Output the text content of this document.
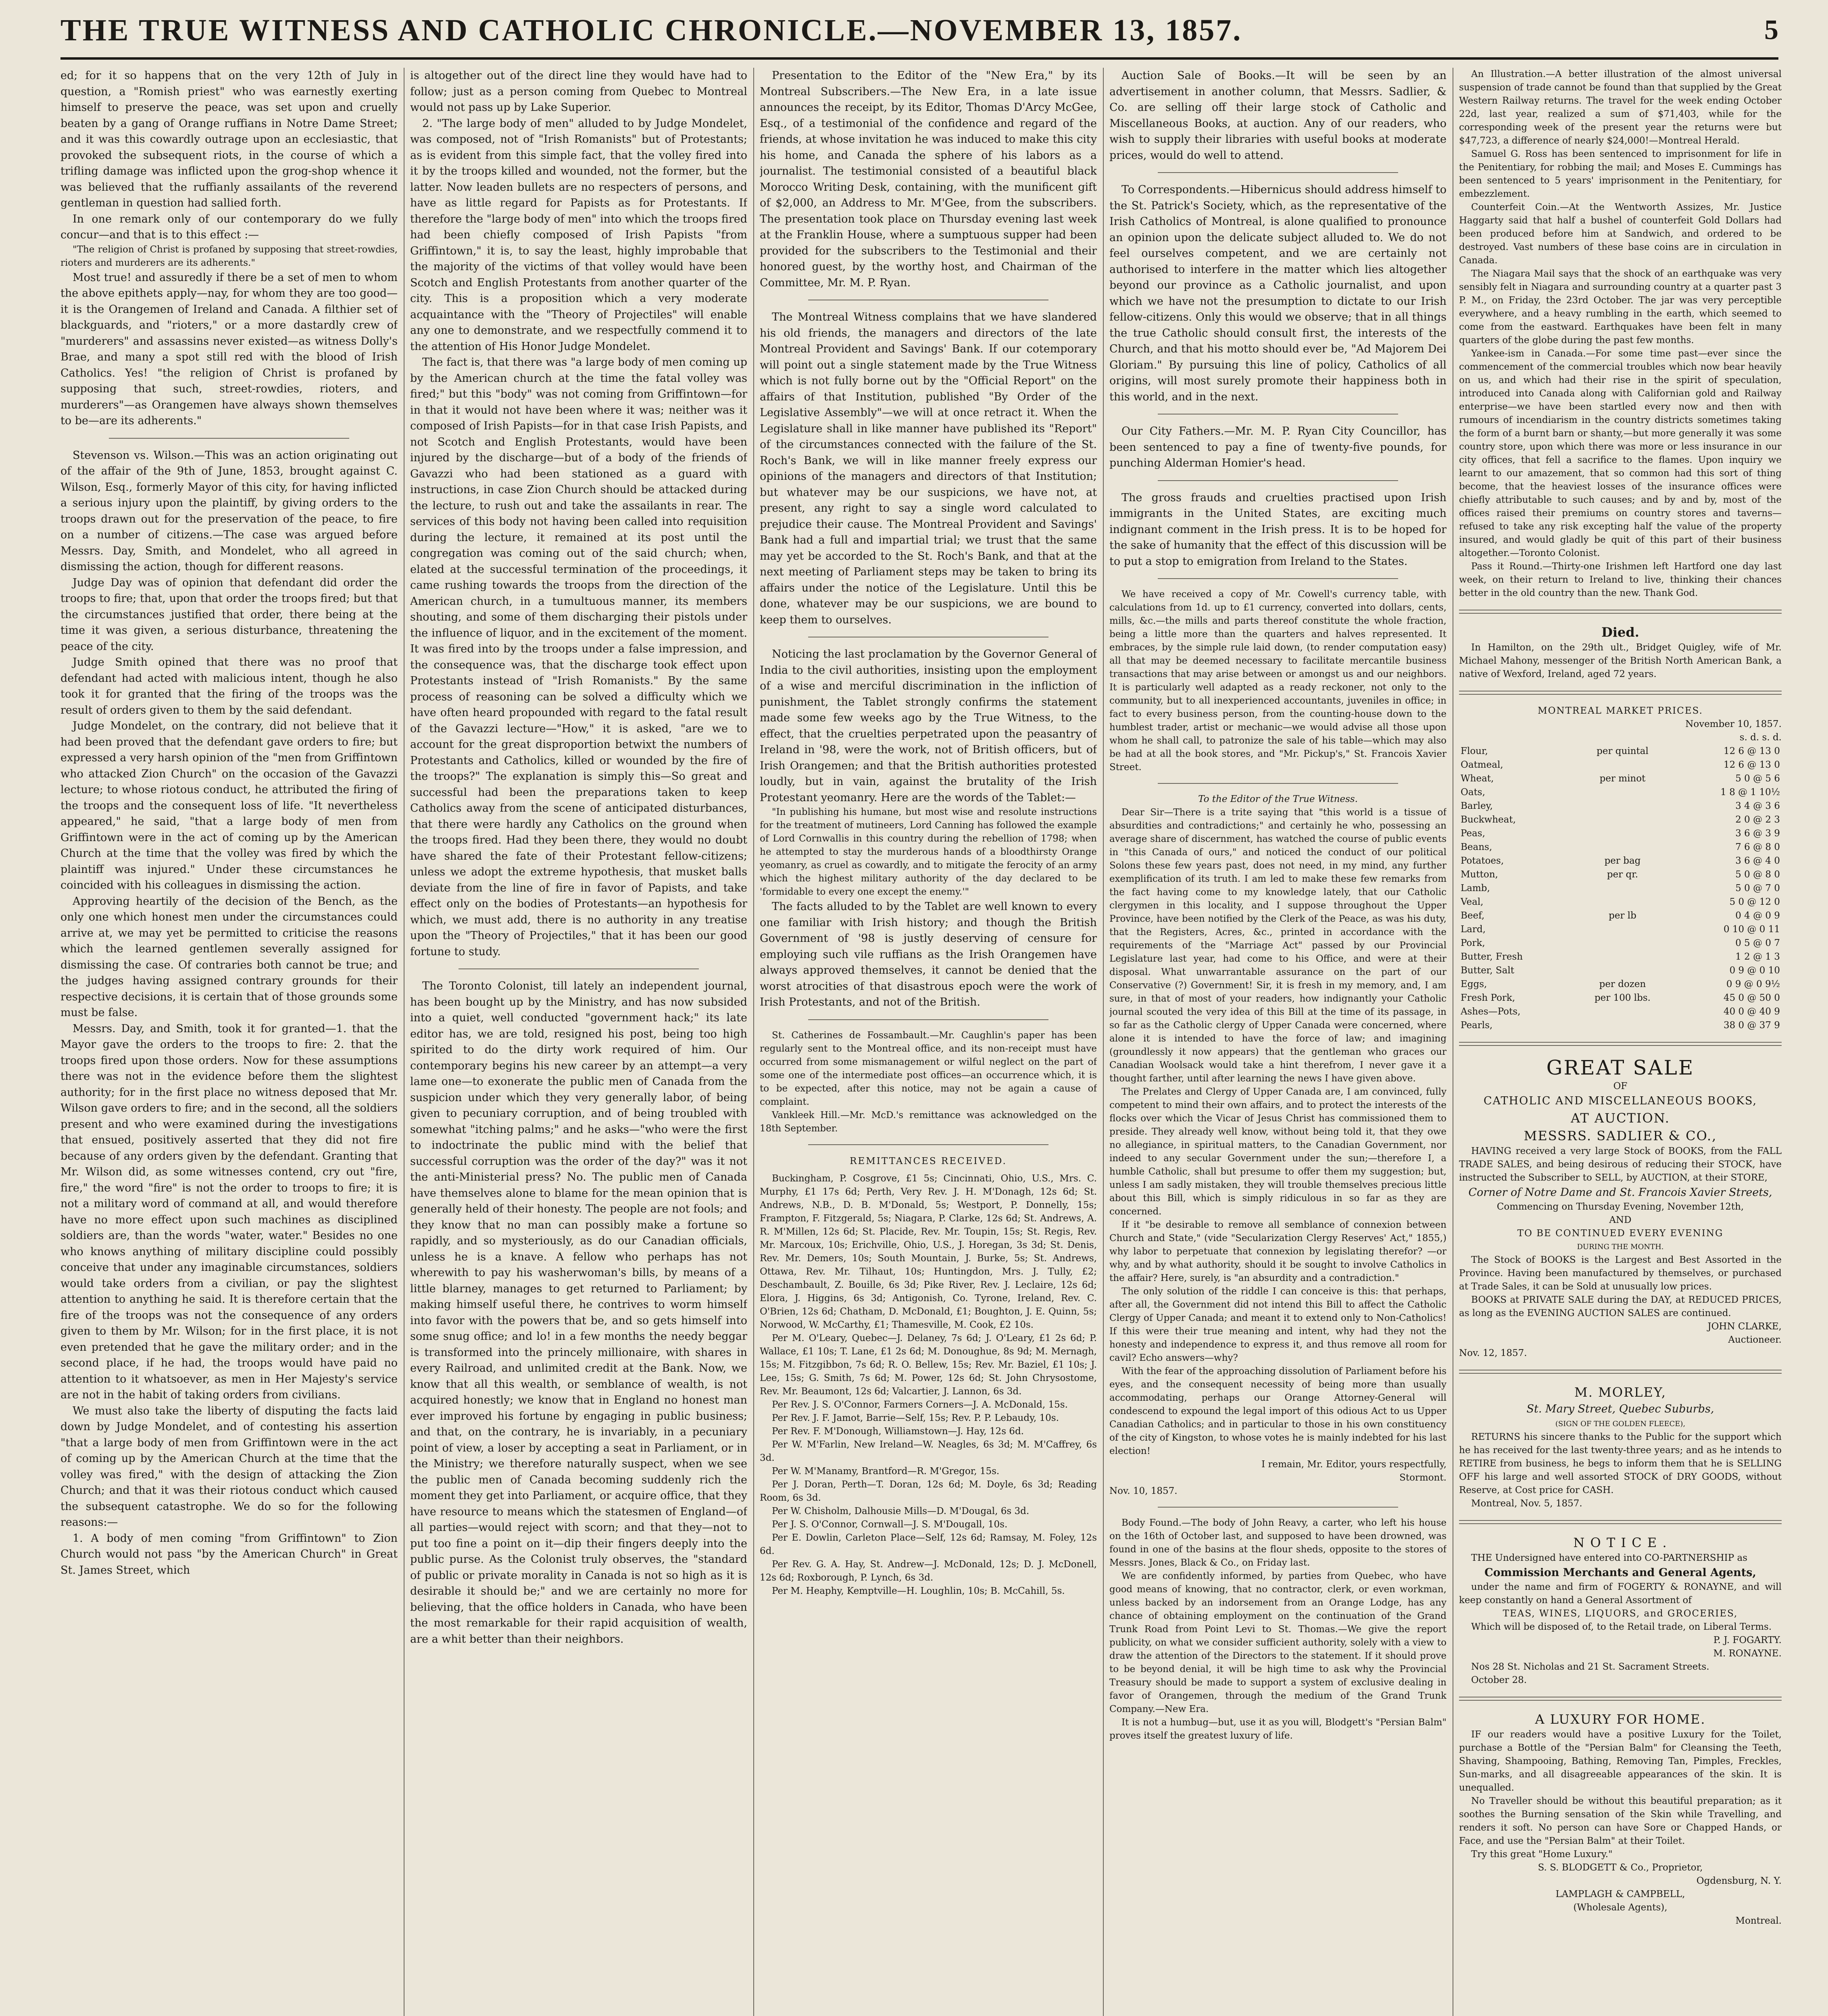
THE TRUE WITNESS AND CATHOLIC CHRONICLE.—NOVEMBER 13, 1857.	5

ed; for it so happens that on the very 12th of July in question, a "Romish priest" who was earnestly exerting himself to preserve the peace, was set upon and cruelly beaten by a gang of Orange ruffians in Notre Dame Street; and it was this cowardly outrage upon an ecclesiastic, that provoked the subsequent riots, in the course of which a trifling damage was inflicted upon the grog-shop whence it was believed that the ruffianly assailants of the reverend gentleman in question had sallied forth.

In one remark only of our contemporary do we fully concur—and that is to this effect :—

"The religion of Christ is profaned by supposing that street-rowdies, rioters and murderers are its adherents."

Most true! and assuredly if there be a set of men to whom the above epithets apply—nay, for whom they are too good—it is the Orangemen of Ireland and Canada. A filthier set of blackguards, and "rioters," or a more dastardly crew of "murderers" and assassins never existed—as witness Dolly's Brae, and many a spot still red with the blood of Irish Catholics. Yes! "the religion of Christ is profaned by supposing that such, street-rowdies, rioters, and murderers"—as Orangemen have always shown themselves to be—are its adherents."

Stevenson vs. Wilson.—This was an action originating out of the affair of the 9th of June, 1853, brought against C. Wilson, Esq., formerly Mayor of this city, for having inflicted a serious injury upon the plaintiff, by giving orders to the troops drawn out for the preservation of the peace, to fire on a number of citizens.—The case was argued before Messrs. Day, Smith, and Mondelet, who all agreed in dismissing the action, though for different reasons.

Judge Day was of opinion that defendant did order the troops to fire; that, upon that order the troops fired; but that the circumstances justified that order, there being at the time it was given, a serious disturbance, threatening the peace of the city.

Judge Smith opined that there was no proof that defendant had acted with malicious intent, though he also took it for granted that the firing of the troops was the result of orders given to them by the said defendant.

Judge Mondelet, on the contrary, did not believe that it had been proved that the defendant gave orders to fire; but expressed a very harsh opinion of the "men from Griffintown who attacked Zion Church" on the occasion of the Gavazzi lecture; to whose riotous conduct, he attributed the firing of the troops and the consequent loss of life. "It nevertheless appeared," he said, "that a large body of men from Griffintown were in the act of coming up by the American Church at the time that the volley was fired by which the plaintiff was injured." Under these circumstances he coincided with his colleagues in dismissing the action.

Approving heartily of the decision of the Bench, as the only one which honest men under the circumstances could arrive at, we may yet be permitted to criticise the reasons which the learned gentlemen severally assigned for dismissing the case. Of contraries both cannot be true; and the judges having assigned contrary grounds for their respective decisions, it is certain that of those grounds some must be false.

Messrs. Day, and Smith, took it for granted—1. that the Mayor gave the orders to the troops to fire: 2. that the troops fired upon those orders. Now for these assumptions there was not in the evidence before them the slightest authority; for in the first place no witness deposed that Mr. Wilson gave orders to fire; and in the second, all the soldiers present and who were examined during the investigations that ensued, positively asserted that they did not fire because of any orders given by the defendant. Granting that Mr. Wilson did, as some witnesses contend, cry out "fire, fire," the word "fire" is not the order to troops to fire; it is not a military word of command at all, and would therefore have no more effect upon such machines as disciplined soldiers are, than the words "water, water." Besides no one who knows anything of military discipline could possibly conceive that under any imaginable circumstances, soldiers would take orders from a civilian, or pay the slightest attention to anything he said. It is therefore certain that the fire of the troops was not the consequence of any orders given to them by Mr. Wilson; for in the first place, it is not even pretended that he gave the military order; and in the second place, if he had, the troops would have paid no attention to it whatsoever, as men in Her Majesty's service are not in the habit of taking orders from civilians.

We must also take the liberty of disputing the facts laid down by Judge Mondelet, and of contesting his assertion "that a large body of men from Griffintown were in the act of coming up by the American Church at the time that the volley was fired," with the design of attacking the Zion Church; and that it was their riotous conduct which caused the subsequent catastrophe. We do so for the following reasons:—

1. A body of men coming "from Griffintown" to Zion Church would not pass "by the American Church" in Great St. James Street, which

is altogether out of the direct line they would have had to follow; just as a person coming from Quebec to Montreal would not pass up by Lake Superior.

2. "The large body of men" alluded to by Judge Mondelet, was composed, not of "Irish Romanists" but of Protestants; as is evident from this simple fact, that the volley fired into it by the troops killed and wounded, not the former, but the latter. Now leaden bullets are no respecters of persons, and have as little regard for Papists as for Protestants. If therefore the "large body of men" into which the troops fired had been chiefly composed of Irish Papists "from Griffintown," it is, to say the least, highly improbable that the majority of the victims of that volley would have been Scotch and English Protestants from another quarter of the city. This is a proposition which a very moderate acquaintance with the "Theory of Projectiles" will enable any one to demonstrate, and we respectfully commend it to the attention of His Honor Judge Mondelet.

The fact is, that there was "a large body of men coming up by the American church at the time the fatal volley was fired;" but this "body" was not coming from Griffintown—for in that it would not have been where it was; neither was it composed of Irish Papists—for in that case Irish Papists, and not Scotch and English Protestants, would have been injured by the discharge—but of a body of the friends of Gavazzi who had been stationed as a guard with instructions, in case Zion Church should be attacked during the lecture, to rush out and take the assailants in rear. The services of this body not having been called into requisition during the lecture, it remained at its post until the congregation was coming out of the said church; when, elated at the successful termination of the proceedings, it came rushing towards the troops from the direction of the American church, in a tumultuous manner, its members shouting, and some of them discharging their pistols under the influence of liquor, and in the excitement of the moment. It was fired into by the troops under a false impression, and the consequence was, that the discharge took effect upon Protestants instead of "Irish Romanists." By the same process of reasoning can be solved a difficulty which we have often heard propounded with regard to the fatal result of the Gavazzi lecture—"How," it is asked, "are we to account for the great disproportion betwixt the numbers of Protestants and Catholics, killed or wounded by the fire of the troops?" The explanation is simply this—So great and successful had been the preparations taken to keep Catholics away from the scene of anticipated disturbances, that there were hardly any Catholics on the ground when the troops fired. Had they been there, they would no doubt have shared the fate of their Protestant fellow-citizens; unless we adopt the extreme hypothesis, that musket balls deviate from the line of fire in favor of Papists, and take effect only on the bodies of Protestants—an hypothesis for which, we must add, there is no authority in any treatise upon the "Theory of Projectiles," that it has been our good fortune to study.

The Toronto Colonist, till lately an independent journal, has been bought up by the Ministry, and has now subsided into a quiet, well conducted "government hack;" its late editor has, we are told, resigned his post, being too high spirited to do the dirty work required of him. Our contemporary begins his new career by an attempt—a very lame one—to exonerate the public men of Canada from the suspicion under which they very generally labor, of being given to pecuniary corruption, and of being troubled with somewhat "itching palms;" and he asks—"who were the first to indoctrinate the public mind with the belief that successful corruption was the order of the day?" was it not the anti-Ministerial press? No. The public men of Canada have themselves alone to blame for the mean opinion that is generally held of their honesty. The people are not fools; and they know that no man can possibly make a fortune so rapidly, and so mysteriously, as do our Canadian officials, unless he is a knave. A fellow who perhaps has not wherewith to pay his washerwoman's bills, by means of a little blarney, manages to get returned to Parliament; by making himself useful there, he contrives to worm himself into favor with the powers that be, and so gets himself into some snug office; and lo! in a few months the needy beggar is transformed into the princely millionaire, with shares in every Railroad, and unlimited credit at the Bank. Now, we know that all this wealth, or semblance of wealth, is not acquired honestly; we know that in England no honest man ever improved his fortune by engaging in public business; and that, on the contrary, he is invariably, in a pecuniary point of view, a loser by accepting a seat in Parliament, or in the Ministry; we therefore naturally suspect, when we see the public men of Canada becoming suddenly rich the moment they get into Parliament, or acquire office, that they have resource to means which the statesmen of England—of all parties—would reject with scorn; and that they—not to put too fine a point on it—dip their fingers deeply into the public purse. As the Colonist truly observes, the "standard of public or private morality in Canada is not so high as it is desirable it should be;" and we are certainly no more for believing, that the office holders in Canada, who have been the most remarkable for their rapid acquisition of wealth, are a whit better than their neighbors.

Presentation to the Editor of the "New Era," by its Montreal Subscribers.—The New Era, in a late issue announces the receipt, by its Editor, Thomas D'Arcy McGee, Esq., of a testimonial of the confidence and regard of the friends, at whose invitation he was induced to make this city his home, and Canada the sphere of his labors as a journalist. The testimonial consisted of a beautiful black Morocco Writing Desk, containing, with the munificent gift of $2,000, an Address to Mr. M'Gee, from the subscribers. The presentation took place on Thursday evening last week at the Franklin House, where a sumptuous supper had been provided for the subscribers to the Testimonial and their honored guest, by the worthy host, and Chairman of the Committee, Mr. M. P. Ryan.

The Montreal Witness complains that we have slandered his old friends, the managers and directors of the late Montreal Provident and Savings' Bank. If our cotemporary will point out a single statement made by the True Witness which is not fully borne out by the "Official Report" on the affairs of that Institution, published "By Order of the Legislative Assembly"—we will at once retract it. When the Legislature shall in like manner have published its "Report" of the circumstances connected with the failure of the St. Roch's Bank, we will in like manner freely express our opinions of the managers and directors of that Institution; but whatever may be our suspicions, we have not, at present, any right to say a single word calculated to prejudice their cause. The Montreal Provident and Savings' Bank had a full and impartial trial; we trust that the same may yet be accorded to the St. Roch's Bank, and that at the next meeting of Parliament steps may be taken to bring its affairs under the notice of the Legislature. Until this be done, whatever may be our suspicions, we are bound to keep them to ourselves.

Noticing the last proclamation by the Governor General of India to the civil authorities, insisting upon the employment of a wise and merciful discrimination in the infliction of punishment, the Tablet strongly confirms the statement made some few weeks ago by the True Witness, to the effect, that the cruelties perpetrated upon the peasantry of Ireland in '98, were the work, not of British officers, but of Irish Orangemen; and that the British authorities protested loudly, but in vain, against the brutality of the Irish Protestant yeomanry. Here are the words of the Tablet:—

"In publishing his humane, but most wise and resolute instructions for the treatment of mutineers, Lord Canning has followed the example of Lord Cornwallis in this country during the rebellion of 1798; when he attempted to stay the murderous hands of a bloodthirsty Orange yeomanry, as cruel as cowardly, and to mitigate the ferocity of an army which the highest military authority of the day declared to be 'formidable to every one except the enemy.'"

The facts alluded to by the Tablet are well known to every one familiar with Irish history; and though the British Government of '98 is justly deserving of censure for employing such vile ruffians as the Irish Orangemen have always approved themselves, it cannot be denied that the worst atrocities of that disastrous epoch were the work of Irish Protestants, and not of the British.

St. Catherines de Fossambault.—Mr. Caughlin's paper has been regularly sent to the Montreal office, and its non-receipt must have occurred from some mismanagement or wilful neglect on the part of some one of the intermediate post offices—an occurrence which, it is to be expected, after this notice, may not be again a cause of complaint.

Vankleek Hill.—Mr. McD.'s remittance was acknowledged on the 18th September.

REMITTANCES RECEIVED.

Buckingham, P. Cosgrove, £1 5s; Cincinnati, Ohio, U.S., Mrs. C. Murphy, £1 17s 6d; Perth, Very Rev. J. H. M'Donagh, 12s 6d; St. Andrews, N.B., D. B. M'Donald, 5s; Westport, P. Donnelly, 15s; Frampton, F. Fitzgerald, 5s; Niagara, P. Clarke, 12s 6d; St. Andrews, A. R. M'Millen, 12s 6d; St. Placide, Rev. Mr. Toupin, 15s; St. Regis, Rev. Mr. Marcoux, 10s; Erichville, Ohio, U.S., J. Horegan, 3s 3d; St. Denis, Rev. Mr. Demers, 10s; South Mountain, J. Burke, 5s; St. Andrews, Ottawa, Rev. Mr. Tilhaut, 10s; Huntingdon, Mrs. J. Tully, £2; Deschambault, Z. Bouille, 6s 3d; Pike River, Rev. J. Leclaire, 12s 6d; Elora, J. Higgins, 6s 3d; Antigonish, Co. Tyrone, Ireland, Rev. C. O'Brien, 12s 6d; Chatham, D. McDonald, £1; Boughton, J. E. Quinn, 5s; Norwood, W. McCarthy, £1; Thamesville, M. Cook, £2 10s.

Per M. O'Leary, Quebec—J. Delaney, 7s 6d; J. O'Leary, £1 2s 6d; P. Wallace, £1 10s; T. Lane, £1 2s 6d; M. Donoughue, 8s 9d; M. Mernagh, 15s; M. Fitzgibbon, 7s 6d; R. O. Bellew, 15s; Rev. Mr. Baziel, £1 10s; J. Lee, 15s; G. Smith, 7s 6d; M. Power, 12s 6d; St. John Chrysostome, Rev. Mr. Beaumont, 12s 6d; Valcartier, J. Lannon, 6s 3d.

Per Rev. J. S. O'Connor, Farmers Corners—J. A. McDonald, 15s.

Per Rev. J. F. Jamot, Barrie—Self, 15s; Rev. P. P. Lebaudy, 10s.

Per Rev. F. M'Donough, Williamstown—J. Hay, 12s 6d.

Per W. M'Farlin, New Ireland—W. Neagles, 6s 3d; M. M'Caffrey, 6s 3d.

Per W. M'Manamy, Brantford—R. M'Gregor, 15s.

Per J. Doran, Perth—T. Doran, 12s 6d; M. Doyle, 6s 3d; Reading Room, 6s 3d.

Per W. Chisholm, Dalhousie Mills—D. M'Dougal, 6s 3d.

Per J. S. O'Connor, Cornwall—J. S. M'Dougall, 10s.

Per E. Dowlin, Carleton Place—Self, 12s 6d; Ramsay, M. Foley, 12s 6d.

Per Rev. G. A. Hay, St. Andrew—J. McDonald, 12s; D. J. McDonell, 12s 6d; Roxborough, P. Lynch, 6s 3d.

Per M. Heaphy, Kemptville—H. Loughlin, 10s; B. McCahill, 5s.

Auction Sale of Books.—It will be seen by an advertisement in another column, that Messrs. Sadlier, & Co. are selling off their large stock of Catholic and Miscellaneous Books, at auction. Any of our readers, who wish to supply their libraries with useful books at moderate prices, would do well to attend.

To Correspondents.—Hibernicus should address himself to the St. Patrick's Society, which, as the representative of the Irish Catholics of Montreal, is alone qualified to pronounce an opinion upon the delicate subject alluded to. We do not feel ourselves competent, and we are certainly not authorised to interfere in the matter which lies altogether beyond our province as a Catholic journalist, and upon which we have not the presumption to dictate to our Irish fellow-citizens. Only this would we observe; that in all things the true Catholic should consult first, the interests of the Church, and that his motto should ever be, "Ad Majorem Dei Gloriam." By pursuing this line of policy, Catholics of all origins, will most surely promote their happiness both in this world, and in the next.

Our City Fathers.—Mr. M. P. Ryan City Councillor, has been sentenced to pay a fine of twenty-five pounds, for punching Alderman Homier's head.

The gross frauds and cruelties practised upon Irish immigrants in the United States, are exciting much indignant comment in the Irish press. It is to be hoped for the sake of humanity that the effect of this discussion will be to put a stop to emigration from Ireland to the States.

We have received a copy of Mr. Cowell's currency table, with calculations from 1d. up to £1 currency, converted into dollars, cents, mills, &c.—the mills and parts thereof constitute the whole fraction, being a little more than the quarters and halves represented. It embraces, by the simple rule laid down, (to render computation easy) all that may be deemed necessary to facilitate mercantile business transactions that may arise between or amongst us and our neighbors. It is particularly well adapted as a ready reckoner, not only to the community, but to all inexperienced accountants, juveniles in office; in fact to every business person, from the counting-house down to the humblest trader, artist or mechanic—we would advise all those upon whom he shall call, to patronize the sale of his table—which may also be had at all the book stores, and "Mr. Pickup's," St. Francois Xavier Street.

To the Editor of the True Witness.

Dear Sir—There is a trite saying that "this world is a tissue of absurdities and contradictions;" and certainly he who, possessing an average share of discernment, has watched the course of public events in "this Canada of ours," and noticed the conduct of our political Solons these few years past, does not need, in my mind, any further exemplification of its truth. I am led to make these few remarks from the fact having come to my knowledge lately, that our Catholic clergymen in this locality, and I suppose throughout the Upper Province, have been notified by the Clerk of the Peace, as was his duty, that the Registers, Acres, &c., printed in accordance with the requirements of the "Marriage Act" passed by our Provincial Legislature last year, had come to his Office, and were at their disposal. What unwarrantable assurance on the part of our Conservative (?) Government! Sir, it is fresh in my memory, and, I am sure, in that of most of your readers, how indignantly your Catholic journal scouted the very idea of this Bill at the time of its passage, in so far as the Catholic clergy of Upper Canada were concerned, where alone it is intended to have the force of law; and imagining (groundlessly it now appears) that the gentleman who graces our Canadian Woolsack would take a hint therefrom, I never gave it a thought farther, until after learning the news I have given above.

The Prelates and Clergy of Upper Canada are, I am convinced, fully competent to mind their own affairs, and to protect the interests of the flocks over which the Vicar of Jesus Christ has commissioned them to preside. They already well know, without being told it, that they owe no allegiance, in spiritual matters, to the Canadian Government, nor indeed to any secular Government under the sun;—therefore I, a humble Catholic, shall but presume to offer them my suggestion; but, unless I am sadly mistaken, they will trouble themselves precious little about this Bill, which is simply ridiculous in so far as they are concerned.

If it "be desirable to remove all semblance of connexion between Church and State," (vide "Secularization Clergy Reserves' Act," 1855,) why labor to perpetuate that connexion by legislating therefor? —or why, and by what authority, should it be sought to involve Catholics in the affair? Here, surely, is "an absurdity and a contradiction."

The only solution of the riddle I can conceive is this: that perhaps, after all, the Government did not intend this Bill to affect the Catholic Clergy of Upper Canada; and meant it to extend only to Non-Catholics! If this were their true meaning and intent, why had they not the honesty and independence to express it, and thus remove all room for cavil? Echo answers—why?

With the fear of the approaching dissolution of Parliament before his eyes, and the consequent necessity of being more than usually accommodating, perhaps our Orange Attorney-General will condescend to expound the legal import of this odious Act to us Upper Canadian Catholics; and in particular to those in his own constituency of the city of Kingston, to whose votes he is mainly indebted for his last election!

I remain, Mr. Editor, yours respectfully,

Stormont.

Nov. 10, 1857.

Body Found.—The body of John Reavy, a carter, who left his house on the 16th of October last, and supposed to have been drowned, was found in one of the basins at the flour sheds, opposite to the stores of Messrs. Jones, Black & Co., on Friday last.

We are confidently informed, by parties from Quebec, who have good means of knowing, that no contractor, clerk, or even workman, unless backed by an indorsement from an Orange Lodge, has any chance of obtaining employment on the continuation of the Grand Trunk Road from Point Levi to St. Thomas.—We give the report publicity, on what we consider sufficient authority, solely with a view to draw the attention of the Directors to the statement. If it should prove to be beyond denial, it will be high time to ask why the Provincial Treasury should be made to support a system of exclusive dealing in favor of Orangemen, through the medium of the Grand Trunk Company.—New Era.

It is not a humbug—but, use it as you will, Blodgett's "Persian Balm" proves itself the greatest luxury of life.

An Illustration.—A better illustration of the almost universal suspension of trade cannot be found than that supplied by the Great Western Railway returns. The travel for the week ending October 22d, last year, realized a sum of $71,403, while for the corresponding week of the present year the returns were but $47,723, a difference of nearly $24,000!—Montreal Herald.

Samuel G. Ross has been sentenced to imprisonment for life in the Penitentiary, for robbing the mail; and Moses E. Cummings has been sentenced to 5 years' imprisonment in the Penitentiary, for embezzlement.

Counterfeit Coin.—At the Wentworth Assizes, Mr. Justice Haggarty said that half a bushel of counterfeit Gold Dollars had been produced before him at Sandwich, and ordered to be destroyed. Vast numbers of these base coins are in circulation in Canada.

The Niagara Mail says that the shock of an earthquake was very sensibly felt in Niagara and surrounding country at a quarter past 3 P. M., on Friday, the 23rd October. The jar was very perceptible everywhere, and a heavy rumbling in the earth, which seemed to come from the eastward. Earthquakes have been felt in many quarters of the globe during the past few months.

Yankee-ism in Canada.—For some time past—ever since the commencement of the commercial troubles which now bear heavily on us, and which had their rise in the spirit of speculation, introduced into Canada along with Californian gold and Railway enterprise—we have been startled every now and then with rumours of incendiarism in the country districts sometimes taking the form of a burnt barn or shanty,—but more generally it was some country store, upon which there was more or less insurance in our city offices, that fell a sacrifice to the flames. Upon inquiry we learnt to our amazement, that so common had this sort of thing become, that the heaviest losses of the insurance offices were chiefly attributable to such causes; and by and by, most of the offices raised their premiums on country stores and taverns—refused to take any risk excepting half the value of the property insured, and would gladly be quit of this part of their business altogether.—Toronto Colonist.

Pass it Round.—Thirty-one Irishmen left Hartford one day last week, on their return to Ireland to live, thinking their chances better in the old country than the new. Thank God.

Died.

In Hamilton, on the 29th ult., Bridget Quigley, wife of Mr. Michael Mahony, messenger of the British North American Bank, a native of Wexford, Ireland, aged 72 years.

MONTREAL MARKET PRICES.

November 10, 1857.

s. d. s. d.

Flour,	per quintal	12 6 @ 13 0
Oatmeal,		12 6 @ 13 0
Wheat,	per minot	5 0 @ 5 6
Oats,		1 8 @ 1 10½
Barley,		3 4 @ 3 6
Buckwheat,		2 0 @ 2 3
Peas,		3 6 @ 3 9
Beans,		7 6 @ 8 0
Potatoes,	per bag	3 6 @ 4 0
Mutton,	per qr.	5 0 @ 8 0
Lamb,		5 0 @ 7 0
Veal,		5 0 @ 12 0
Beef,	per lb	0 4 @ 0 9
Lard,		0 10 @ 0 11
Pork,		0 5 @ 0 7
Butter, Fresh		1 2 @ 1 3
Butter, Salt		0 9 @ 0 10
Eggs,	per dozen	0 9 @ 0 9½
Fresh Pork,	per 100 lbs.	45 0 @ 50 0
Ashes—Pots,		40 0 @ 40 9
Pearls,		38 0 @ 37 9

GREAT SALE

OF

CATHOLIC AND MISCELLANEOUS BOOKS,

AT AUCTION.

MESSRS. SADLIER & CO.,

HAVING received a very large Stock of BOOKS, from the FALL TRADE SALES, and being desirous of reducing their STOCK, have instructed the Subscriber to SELL, by AUCTION, at their STORE,

Corner of Notre Dame and St. Francois Xavier Streets,

Commencing on Thursday Evening, November 12th,

AND

TO BE CONTINUED EVERY EVENING

DURING THE MONTH.

The Stock of BOOKS is the Largest and Best Assorted in the Province. Having been manufactured by themselves, or purchased at Trade Sales, it can be Sold at unusually low prices.

BOOKS at PRIVATE SALE during the DAY, at REDUCED PRICES, as long as the EVENING AUCTION SALES are continued.

JOHN CLARKE,

Auctioneer.

Nov. 12, 1857.

M. MORLEY,

St. Mary Street, Quebec Suburbs,

(SIGN OF THE GOLDEN FLEECE),

RETURNS his sincere thanks to the Public for the support which he has received for the last twenty-three years; and as he intends to RETIRE from business, he begs to inform them that he is SELLING OFF his large and well assorted STOCK of DRY GOODS, without Reserve, at Cost price for CASH.

Montreal, Nov. 5, 1857.

N O T I C E .

THE Undersigned have entered into CO-PARTNERSHIP as

Commission Merchants and General Agents,

under the name and firm of FOGERTY & RONAYNE, and will keep constantly on hand a General Assortment of

TEAS, WINES, LIQUORS, and GROCERIES,

Which will be disposed of, to the Retail trade, on Liberal Terms.

P. J. FOGARTY.

M. RONAYNE.

Nos 28 St. Nicholas and 21 St. Sacrament Streets.

October 28.

A LUXURY FOR HOME.

IF our readers would have a positive Luxury for the Toilet, purchase a Bottle of the "Persian Balm" for Cleansing the Teeth, Shaving, Shampooing, Bathing, Removing Tan, Pimples, Freckles, Sun-marks, and all disagreeable appearances of the skin. It is unequalled.

No Traveller should be without this beautiful preparation; as it soothes the Burning sensation of the Skin while Travelling, and renders it soft. No person can have Sore or Chapped Hands, or Face, and use the "Persian Balm" at their Toilet.

Try this great "Home Luxury."

S. S. BLODGETT & Co., Proprietor,

Ogdensburg, N. Y.

LAMPLAGH & CAMPBELL,

(Wholesale Agents),

Montreal.
